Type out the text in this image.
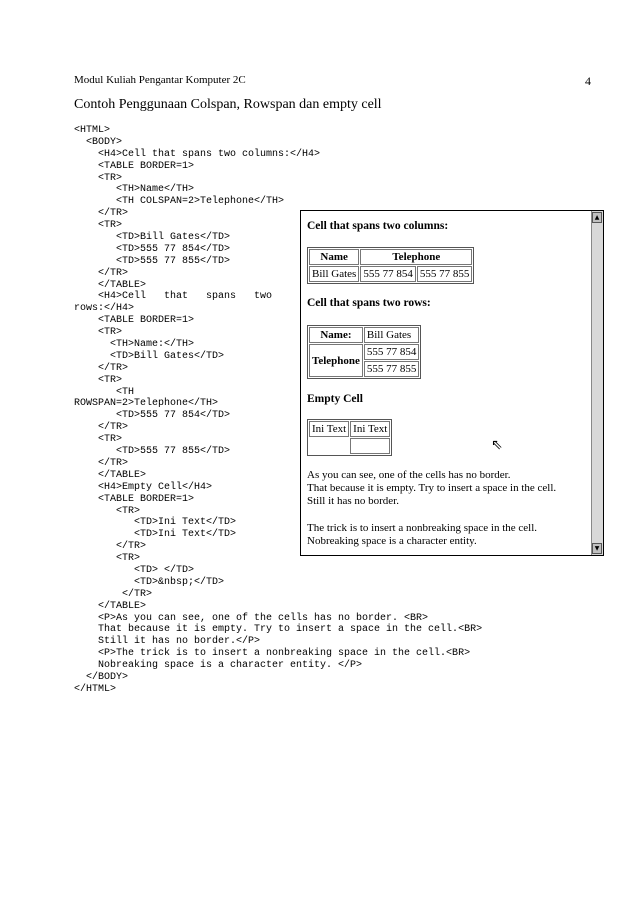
Modul Kuliah Pengantar Komputer 2C	4
Contoh Penggunaan Colspan, Rowspan dan empty cell
<HTML>
<BODY>
<H4>Cell that spans two columns:</H4>
<TABLE BORDER=1>
<TR>
<TH>Name</TH>
<TH COLSPAN=2>Telephone</TH>
</TR>
<TR>
<TD>Bill Gates</TD>
<TD>555 77 854</TD>
<TD>555 77 855</TD>
</TR>
</TABLE>
<H4>Cell   that   spans   two
rows:</H4>
<TABLE BORDER=1>
<TR>
<TH>Name:</TH>
<TD>Bill Gates</TD>
</TR>
<TR>
<TH
ROWSPAN=2>Telephone</TH>
<TD>555 77 854</TD>
</TR>
<TR>
<TD>555 77 855</TD>
</TR>
</TABLE>
<H4>Empty Cell</H4>
<TABLE BORDER=1>
<TR>
<TD>Ini Text</TD>
<TD>Ini Text</TD>
</TR>
<TR>
<TD> </TD>
<TD>&nbsp;</TD>
</TR>
</TABLE>
<P>As you can see, one of the cells has no border. <BR>
That because it is empty. Try to insert a space in the cell.<BR>
Still it has no border.</P>
<P>The trick is to insert a nonbreaking space in the cell.<BR>
Nobreaking space is a character entity. </P>
</BODY>
</HTML>
Cell that spans two columns:
Name	Telephone	
Bill Gates	555 77 854	555 77 855
Cell that spans two rows:
Name:	Bill Gates
Telephone	555 77 854
	555 77 855
Empty Cell
Ini Text	Ini Text

⇖
As you can see, one of the cells has no border.
That because it is empty. Try to insert a space in the cell.
Still it has no border.
The trick is to insert a nonbreaking space in the cell.
Nobreaking space is a character entity.
▲
▼
